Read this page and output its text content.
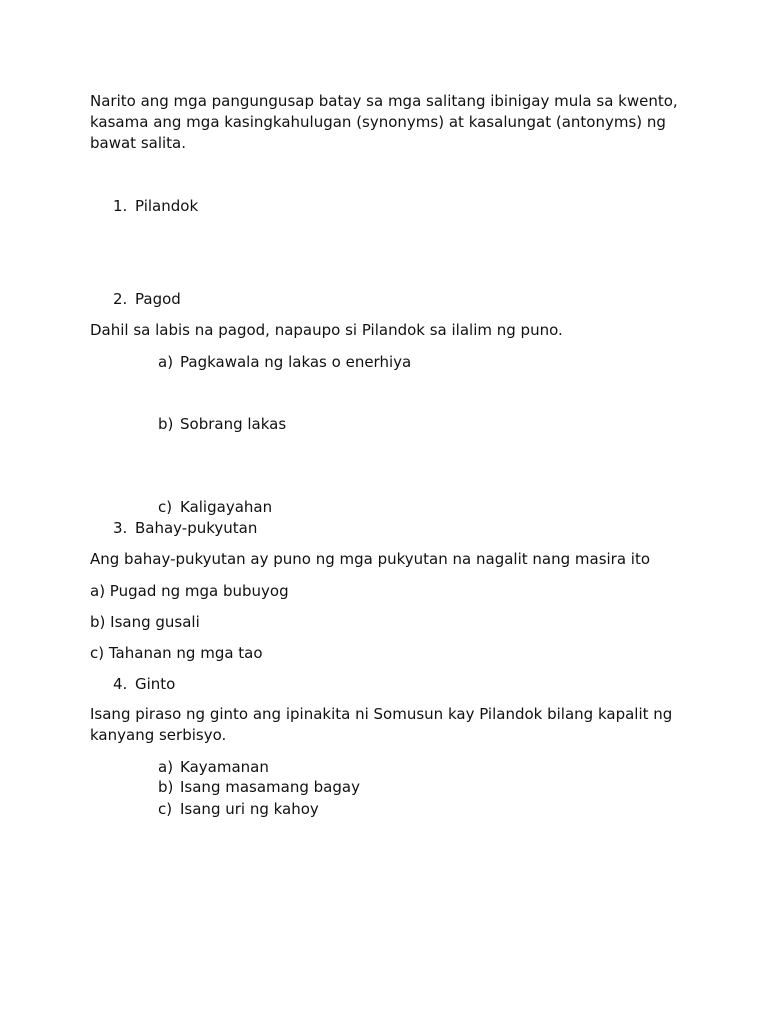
Narito ang mga pangungusap batay sa mga salitang ibinigay mula sa kwento, kasama ang mga kasingkahulugan (synonyms) at kasalungat (antonyms) ng bawat salita.
1. Pilandok
2. Pagod
Dahil sa labis na pagod, napaupo si Pilandok sa ilalim ng puno.
a) Pagkawala ng lakas o enerhiya
b) Sobrang lakas
c) Kaligayahan
3. Bahay-pukyutan
Ang bahay-pukyutan ay puno ng mga pukyutan na nagalit nang masira ito
a) Pugad ng mga bubuyog
b) Isang gusali
c) Tahanan ng mga tao
4. Ginto
Isang piraso ng ginto ang ipinakita ni Somusun kay Pilandok bilang kapalit ng kanyang serbisyo.
a) Kayamanan
b) Isang masamang bagay
c) Isang uri ng kahoy
